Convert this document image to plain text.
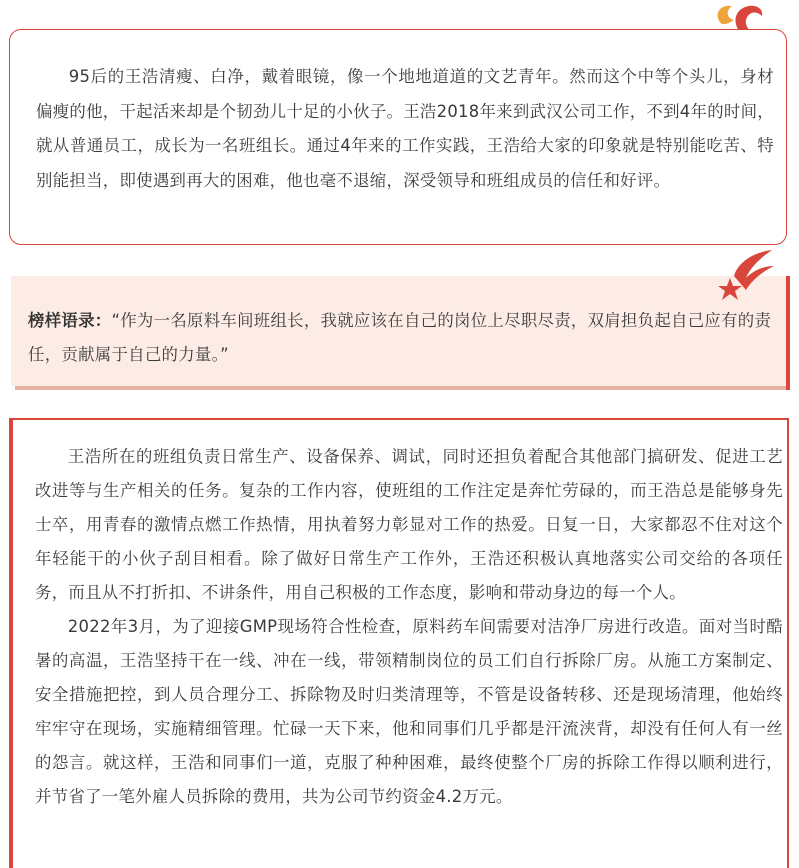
95后的王浩清瘦、白净，戴着眼镜，像一个地地道道的文艺青年。然而这个中等个头儿，身材偏瘦的他，干起活来却是个韧劲儿十足的小伙子。王浩2018年来到武汉公司工作，不到4年的时间，就从普通员工，成长为一名班组长。通过4年来的工作实践，王浩给大家的印象就是特别能吃苦、特别能担当，即使遇到再大的困难，他也毫不退缩，深受领导和班组成员的信任和好评。

榜样语录：“作为一名原料车间班组长，我就应该在自己的岗位上尽职尽责，双肩担负起自己应有的责任，贡献属于自己的力量。”

王浩所在的班组负责日常生产、设备保养、调试，同时还担负着配合其他部门搞研发、促进工艺改进等与生产相关的任务。复杂的工作内容，使班组的工作注定是奔忙劳碌的，而王浩总是能够身先士卒，用青春的激情点燃工作热情，用执着努力彰显对工作的热爱。日复一日，大家都忍不住对这个年轻能干的小伙子刮目相看。除了做好日常生产工作外，王浩还积极认真地落实公司交给的各项任务，而且从不打折扣、不讲条件，用自己积极的工作态度，影响和带动身边的每一个人。

2022年3月，为了迎接GMP现场符合性检查，原料药车间需要对洁净厂房进行改造。面对当时酷暑的高温，王浩坚持干在一线、冲在一线，带领精制岗位的员工们自行拆除厂房。从施工方案制定、安全措施把控，到人员合理分工、拆除物及时归类清理等，不管是设备转移、还是现场清理，他始终牢牢守在现场，实施精细管理。忙碌一天下来，他和同事们几乎都是汗流浃背，却没有任何人有一丝的怨言。就这样，王浩和同事们一道，克服了种种困难，最终使整个厂房的拆除工作得以顺利进行，并节省了一笔外雇人员拆除的费用，共为公司节约资金4.2万元。
